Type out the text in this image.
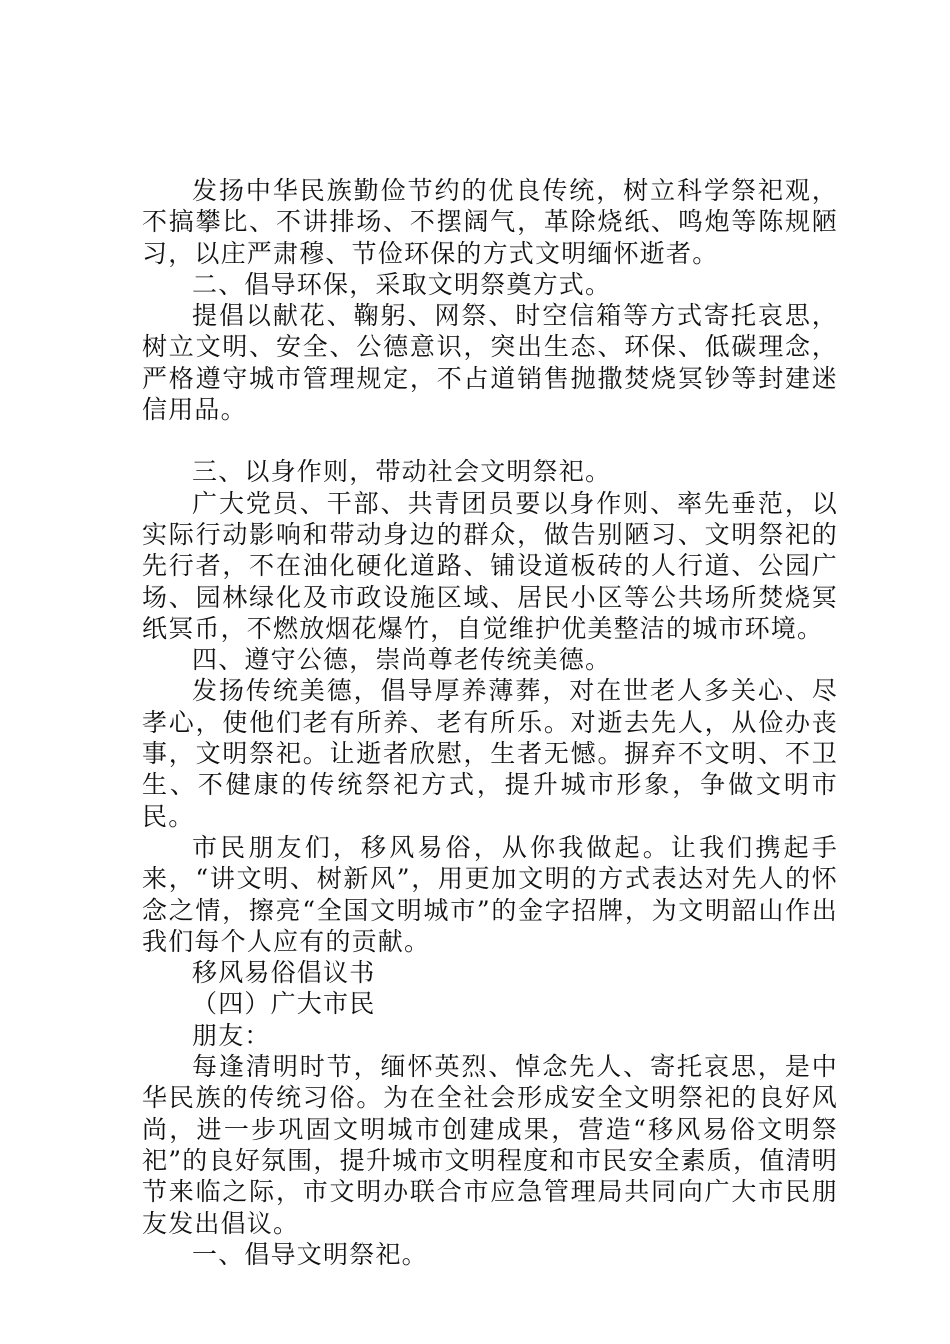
发扬中华民族勤俭节约的优良传统，树立科学祭祀观，不搞攀比、不讲排场、不摆阔气，革除烧纸、鸣炮等陈规陋习，以庄严肃穆、节俭环保的方式文明缅怀逝者。

二、倡导环保，采取文明祭奠方式。

提倡以献花、鞠躬、网祭、时空信箱等方式寄托哀思，树立文明、安全、公德意识，突出生态、环保、低碳理念，严格遵守城市管理规定，不占道销售抛撒焚烧冥钞等封建迷信用品。

三、以身作则，带动社会文明祭祀。

广大党员、干部、共青团员要以身作则、率先垂范，以实际行动影响和带动身边的群众，做告别陋习、文明祭祀的先行者，不在油化硬化道路、铺设道板砖的人行道、公园广场、园林绿化及市政设施区域、居民小区等公共场所焚烧冥纸冥币，不燃放烟花爆竹，自觉维护优美整洁的城市环境。

四、遵守公德，崇尚尊老传统美德。

发扬传统美德，倡导厚养薄葬，对在世老人多关心、尽孝心，使他们老有所养、老有所乐。对逝去先人，从俭办丧事，文明祭祀。让逝者欣慰，生者无憾。摒弃不文明、不卫生、不健康的传统祭祀方式，提升城市形象，争做文明市民。

市民朋友们，移风易俗，从你我做起。让我们携起手来，“讲文明、树新风”，用更加文明的方式表达对先人的怀念之情，擦亮“全国文明城市”的金字招牌，为文明韶山作出我们每个人应有的贡献。

移风易俗倡议书

（四）广大市民

朋友：

每逢清明时节，缅怀英烈、悼念先人、寄托哀思，是中华民族的传统习俗。为在全社会形成安全文明祭祀的良好风尚，进一步巩固文明城市创建成果，营造“移风易俗文明祭祀”的良好氛围，提升城市文明程度和市民安全素质，值清明节来临之际，市文明办联合市应急管理局共同向广大市民朋友发出倡议。

一、倡导文明祭祀。
